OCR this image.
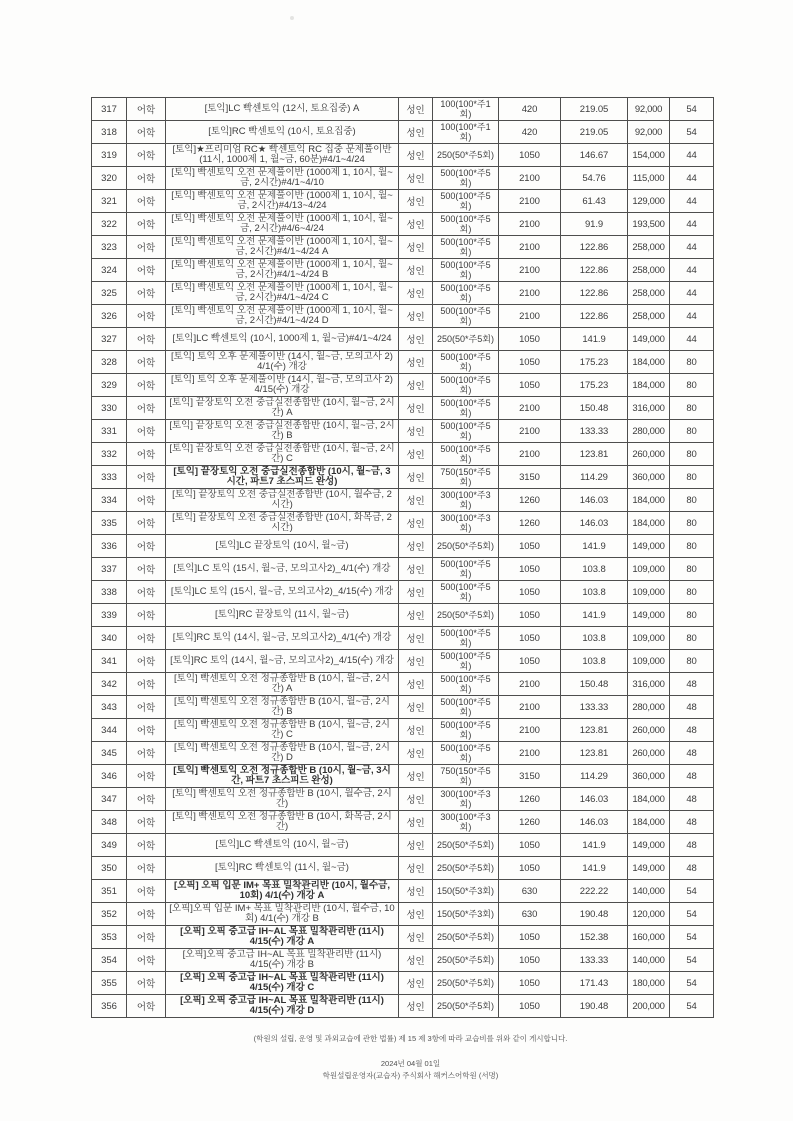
317	어학	[토익]LC 빡센토익 (12시, 토요집중) A	성인	100(100*주1회)	420	219.05	92,000	54
318	어학	[토익]RC 빡센토익 (10시, 토요집중)	성인	100(100*주1회)	420	219.05	92,000	54
319	어학	[토익]★프리미엄 RC★ 빡센토익 RC 집중 문제풀이반 (11시, 1000제 1, 월~금, 60분)#4/1~4/24	성인	250(50*주5회)	1050	146.67	154,000	44
320	어학	[토익] 빡센토익 오전 문제풀이반 (1000제 1, 10시, 월~금, 2시간)#4/1~4/10	성인	500(100*주5회)	2100	54.76	115,000	44
321	어학	[토익] 빡센토익 오전 문제풀이반 (1000제 1, 10시, 월~금, 2시간)#4/13~4/24	성인	500(100*주5회)	2100	61.43	129,000	44
322	어학	[토익] 빡센토익 오전 문제풀이반 (1000제 1, 10시, 월~금, 2시간)#4/6~4/24	성인	500(100*주5회)	2100	91.9	193,500	44
323	어학	[토익] 빡센토익 오전 문제풀이반 (1000제 1, 10시, 월~금, 2시간)#4/1~4/24 A	성인	500(100*주5회)	2100	122.86	258,000	44
324	어학	[토익] 빡센토익 오전 문제풀이반 (1000제 1, 10시, 월~금, 2시간)#4/1~4/24 B	성인	500(100*주5회)	2100	122.86	258,000	44
325	어학	[토익] 빡센토익 오전 문제풀이반 (1000제 1, 10시, 월~금, 2시간)#4/1~4/24 C	성인	500(100*주5회)	2100	122.86	258,000	44
326	어학	[토익] 빡센토익 오전 문제풀이반 (1000제 1, 10시, 월~금, 2시간)#4/1~4/24 D	성인	500(100*주5회)	2100	122.86	258,000	44
327	어학	[토익]LC 빡센토익 (10시, 1000제 1, 월~금)#4/1~4/24	성인	250(50*주5회)	1050	141.9	149,000	44
328	어학	[토익] 토익 오후 문제풀이반 (14시, 월~금, 모의고사 2) 4/1(수) 개강	성인	500(100*주5회)	1050	175.23	184,000	80
329	어학	[토익] 토익 오후 문제풀이반 (14시, 월~금, 모의고사 2) 4/15(수) 개강	성인	500(100*주5회)	1050	175.23	184,000	80
330	어학	[토익] 끝장토익 오전 중급실전종합반 (10시, 월~금, 2시간) A	성인	500(100*주5회)	2100	150.48	316,000	80
331	어학	[토익] 끝장토익 오전 중급실전종합반 (10시, 월~금, 2시간) B	성인	500(100*주5회)	2100	133.33	280,000	80
332	어학	[토익] 끝장토익 오전 중급실전종합반 (10시, 월~금, 2시간) C	성인	500(100*주5회)	2100	123.81	260,000	80
333	어학	[토익] 끝장토익 오전 중급실전종합반 (10시, 월~금, 3시간, 파트7 초스피드 완성)	성인	750(150*주5회)	3150	114.29	360,000	80
334	어학	[토익] 끝장토익 오전 중급실전종합반 (10시, 월수금, 2시간)	성인	300(100*주3회)	1260	146.03	184,000	80
335	어학	[토익] 끝장토익 오전 중급실전종합반 (10시, 화목금, 2시간)	성인	300(100*주3회)	1260	146.03	184,000	80
336	어학	[토익]LC 끝장토익 (10시, 월~금)	성인	250(50*주5회)	1050	141.9	149,000	80
337	어학	[토익]LC 토익 (15시, 월~금, 모의고사2)_4/1(수) 개강	성인	500(100*주5회)	1050	103.8	109,000	80
338	어학	[토익]LC 토익 (15시, 월~금, 모의고사2)_4/15(수) 개강	성인	500(100*주5회)	1050	103.8	109,000	80
339	어학	[토익]RC 끝장토익 (11시, 월~금)	성인	250(50*주5회)	1050	141.9	149,000	80
340	어학	[토익]RC 토익 (14시, 월~금, 모의고사2)_4/1(수) 개강	성인	500(100*주5회)	1050	103.8	109,000	80
341	어학	[토익]RC 토익 (14시, 월~금, 모의고사2)_4/15(수) 개강	성인	500(100*주5회)	1050	103.8	109,000	80
342	어학	[토익] 빡센토익 오전 정규종합반 B (10시, 월~금, 2시간) A	성인	500(100*주5회)	2100	150.48	316,000	48
343	어학	[토익] 빡센토익 오전 정규종합반 B (10시, 월~금, 2시간) B	성인	500(100*주5회)	2100	133.33	280,000	48
344	어학	[토익] 빡센토익 오전 정규종합반 B (10시, 월~금, 2시간) C	성인	500(100*주5회)	2100	123.81	260,000	48
345	어학	[토익] 빡센토익 오전 정규종합반 B (10시, 월~금, 2시간) D	성인	500(100*주5회)	2100	123.81	260,000	48
346	어학	[토익] 빡센토익 오전 정규종합반 B (10시, 월~금, 3시간, 파트7 초스피드 완성)	성인	750(150*주5회)	3150	114.29	360,000	48
347	어학	[토익] 빡센토익 오전 정규종합반 B (10시, 월수금, 2시간)	성인	300(100*주3회)	1260	146.03	184,000	48
348	어학	[토익] 빡센토익 오전 정규종합반 B (10시, 화목금, 2시간)	성인	300(100*주3회)	1260	146.03	184,000	48
349	어학	[토익]LC 빡센토익 (10시, 월~금)	성인	250(50*주5회)	1050	141.9	149,000	48
350	어학	[토익]RC 빡센토익 (11시, 월~금)	성인	250(50*주5회)	1050	141.9	149,000	48
351	어학	[오픽] 오픽 입문 IM+ 목표 밀착관리반 (10시, 월수금, 10회) 4/1(수) 개강 A	성인	150(50*주3회)	630	222.22	140,000	54
352	어학	[오픽]오픽 입문 IM+ 목표 밀착관리반 (10시, 월수금, 10회) 4/1(수) 개강 B	성인	150(50*주3회)	630	190.48	120,000	54
353	어학	[오픽] 오픽 중고급 IH~AL 목표 밀착관리반 (11시) 4/15(수) 개강 A	성인	250(50*주5회)	1050	152.38	160,000	54
354	어학	[오픽]오픽 중고급 IH~AL 목표 밀착관리반 (11시) 4/15(수) 개강 B	성인	250(50*주5회)	1050	133.33	140,000	54
355	어학	[오픽] 오픽 중고급 IH~AL 목표 밀착관리반 (11시) 4/15(수) 개강 C	성인	250(50*주5회)	1050	171.43	180,000	54
356	어학	[오픽] 오픽 중고급 IH~AL 목표 밀착관리반 (11시) 4/15(수) 개강 D	성인	250(50*주5회)	1050	190.48	200,000	54
(학원의 설립, 운영 및 과외교습에 관한 법률) 제 15 제 3항에 따라 교습비를 위와 같이 게시합니다.
2024년 04월 01일
학원설립운영자(교습자) 주식회사 해커스어학원 (서명)
